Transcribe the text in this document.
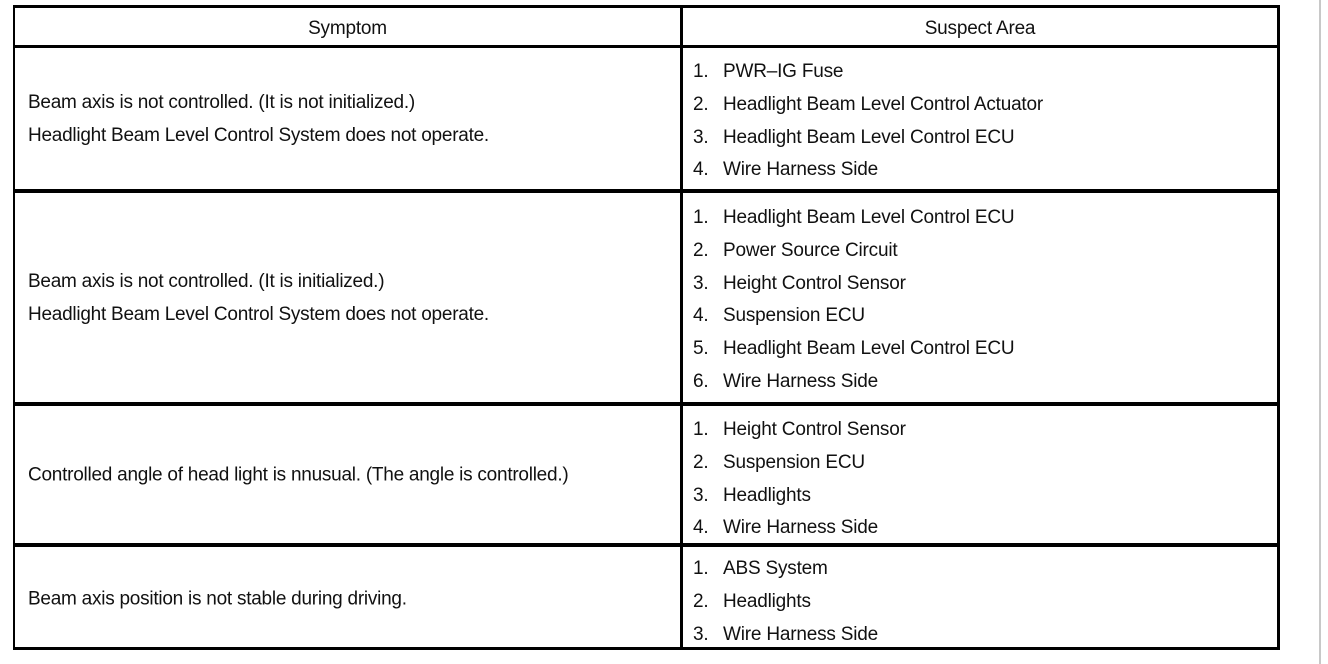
Symptom	Suspect Area
Beam axis is not controlled. (It is not initialized.)
Headlight Beam Level Control System does not operate.
1. PWR–IG Fuse
2. Headlight Beam Level Control Actuator
3. Headlight Beam Level Control ECU
4. Wire Harness Side
Beam axis is not controlled. (It is initialized.)
Headlight Beam Level Control System does not operate.
1. Headlight Beam Level Control ECU
2. Power Source Circuit
3. Height Control Sensor
4. Suspension ECU
5. Headlight Beam Level Control ECU
6. Wire Harness Side
Controlled angle of head light is nnusual. (The angle is controlled.)
1. Height Control Sensor
2. Suspension ECU
3. Headlights
4. Wire Harness Side
Beam axis position is not stable during driving.
1. ABS System
2. Headlights
3. Wire Harness Side
